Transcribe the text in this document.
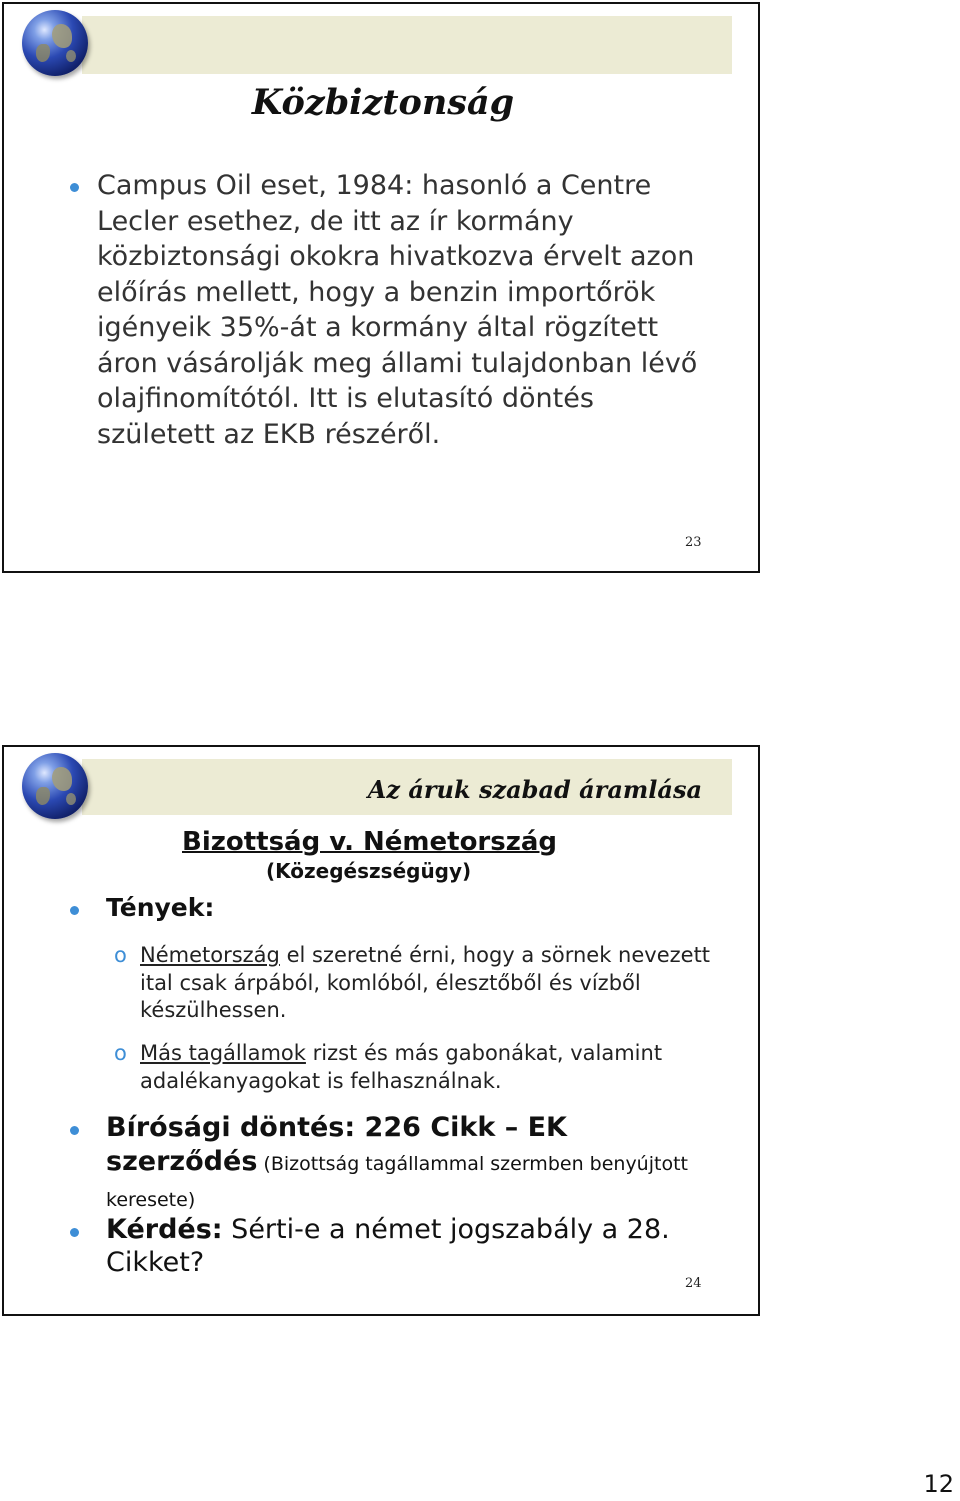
Közbiztonság
Campus Oil eset, 1984: hasonló a Centre Lecler esethez, de itt az ír kormány közbiztonsági okokra hivatkozva érvelt azon előírás mellett, hogy a benzin importőrök igényeik 35%-át a kormány által rögzített áron vásárolják meg állami tulajdonban lévő olajfinomítótól. Itt is elutasító döntés született az EKB részéről.
23
Az áruk szabad áramlása
Bizottság v. Németország
(Közegészségügy)
Tények:
o Németország el szeretné érni, hogy a sörnek nevezett ital csak árpából, komlóból, élesztőből és vízből készülhessen.
o Más tagállamok rizst és más gabonákat, valamint adalékanyagokat is felhasználnak.
Bírósági döntés: 226 Cikk – EK szerződés (Bizottság tagállammal szermben benyújtott keresete)
Kérdés: Sérti-e a német jogszabály a 28. Cikket?
24
12
